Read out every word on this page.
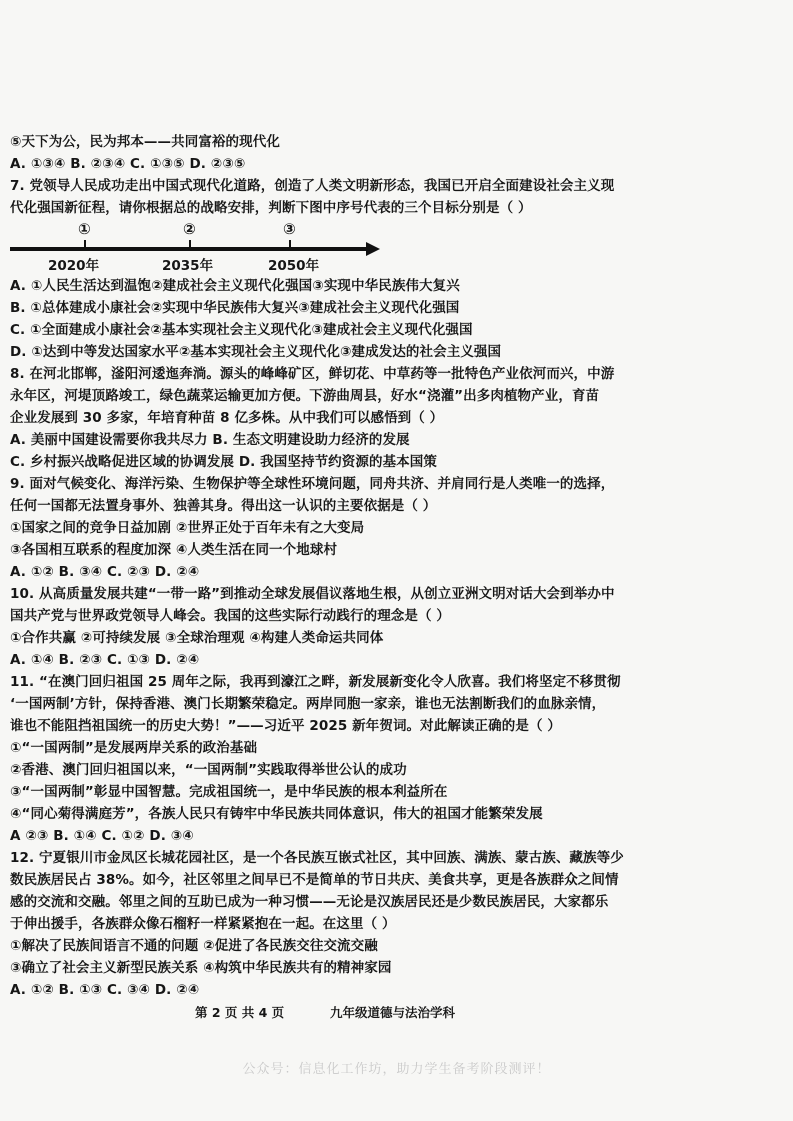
⑤天下为公，民为邦本——共同富裕的现代化
A. ①③④ B. ②③④ C. ①③⑤ D. ②③⑤
7. 党领导人民成功走出中国式现代化道路，创造了人类文明新形态，我国已开启全面建设社会主义现
代化强国新征程，请你根据总的战略安排，判断下图中序号代表的三个目标分别是（ ）
①	②	③
2020年	2035年	2050年
A. ①人民生活达到温饱②建成社会主义现代化强国③实现中华民族伟大复兴
B. ①总体建成小康社会②实现中华民族伟大复兴③建成社会主义现代化强国
C. ①全面建成小康社会②基本实现社会主义现代化③建成社会主义现代化强国
D. ①达到中等发达国家水平②基本实现社会主义现代化③建成发达的社会主义强国
8. 在河北邯郸，滏阳河逶迤奔淌。源头的峰峰矿区，鲜切花、中草药等一批特色产业依河而兴，中游
永年区，河堤顶路竣工，绿色蔬菜运输更加方便。下游曲周县，好水“浇灌”出多肉植物产业，育苗
企业发展到 30 多家，年培育种苗 8 亿多株。从中我们可以感悟到（ ）
A. 美丽中国建设需要你我共尽力 B. 生态文明建设助力经济的发展
C. 乡村振兴战略促进区域的协调发展 D. 我国坚持节约资源的基本国策
9. 面对气候变化、海洋污染、生物保护等全球性环境问题，同舟共济、并肩同行是人类唯一的选择，
任何一国都无法置身事外、独善其身。得出这一认识的主要依据是（ ）
①国家之间的竞争日益加剧 ②世界正处于百年未有之大变局
③各国相互联系的程度加深 ④人类生活在同一个地球村
A. ①② B. ③④ C. ②③ D. ②④
10. 从高质量发展共建“一带一路”到推动全球发展倡议落地生根，从创立亚洲文明对话大会到举办中
国共产党与世界政党领导人峰会。我国的这些实际行动践行的理念是（ ）
①合作共赢 ②可持续发展 ③全球治理观 ④构建人类命运共同体
A. ①④ B. ②③ C. ①③ D. ②④
11. “在澳门回归祖国 25 周年之际，我再到濠江之畔，新发展新变化令人欣喜。我们将坚定不移贯彻
‘一国两制’方针，保持香港、澳门长期繁荣稳定。两岸同胞一家亲，谁也无法割断我们的血脉亲情，
谁也不能阻挡祖国统一的历史大势！”——习近平 2025 新年贺词。对此解读正确的是（ ）
①“一国两制”是发展两岸关系的政治基础
②香港、澳门回归祖国以来，“一国两制”实践取得举世公认的成功
③“一国两制”彰显中国智慧。完成祖国统一，是中华民族的根本利益所在
④“同心菊得满庭芳”，各族人民只有铸牢中华民族共同体意识，伟大的祖国才能繁荣发展
A ②③ B. ①④ C. ①② D. ③④
12. 宁夏银川市金凤区长城花园社区，是一个各民族互嵌式社区，其中回族、满族、蒙古族、藏族等少
数民族居民占 38%。如今，社区邻里之间早已不是简单的节日共庆、美食共享，更是各族群众之间情
感的交流和交融。邻里之间的互助已成为一种习惯——无论是汉族居民还是少数民族居民，大家都乐
于伸出援手，各族群众像石榴籽一样紧紧抱在一起。在这里（ ）
①解决了民族间语言不通的问题 ②促进了各民族交往交流交融
③确立了社会主义新型民族关系 ④构筑中华民族共有的精神家园
A. ①② B. ①③ C. ③④ D. ②④
第 2 页 共 4 页	九年级道德与法治学科
公众号：信息化工作坊，助力学生备考阶段测评！
